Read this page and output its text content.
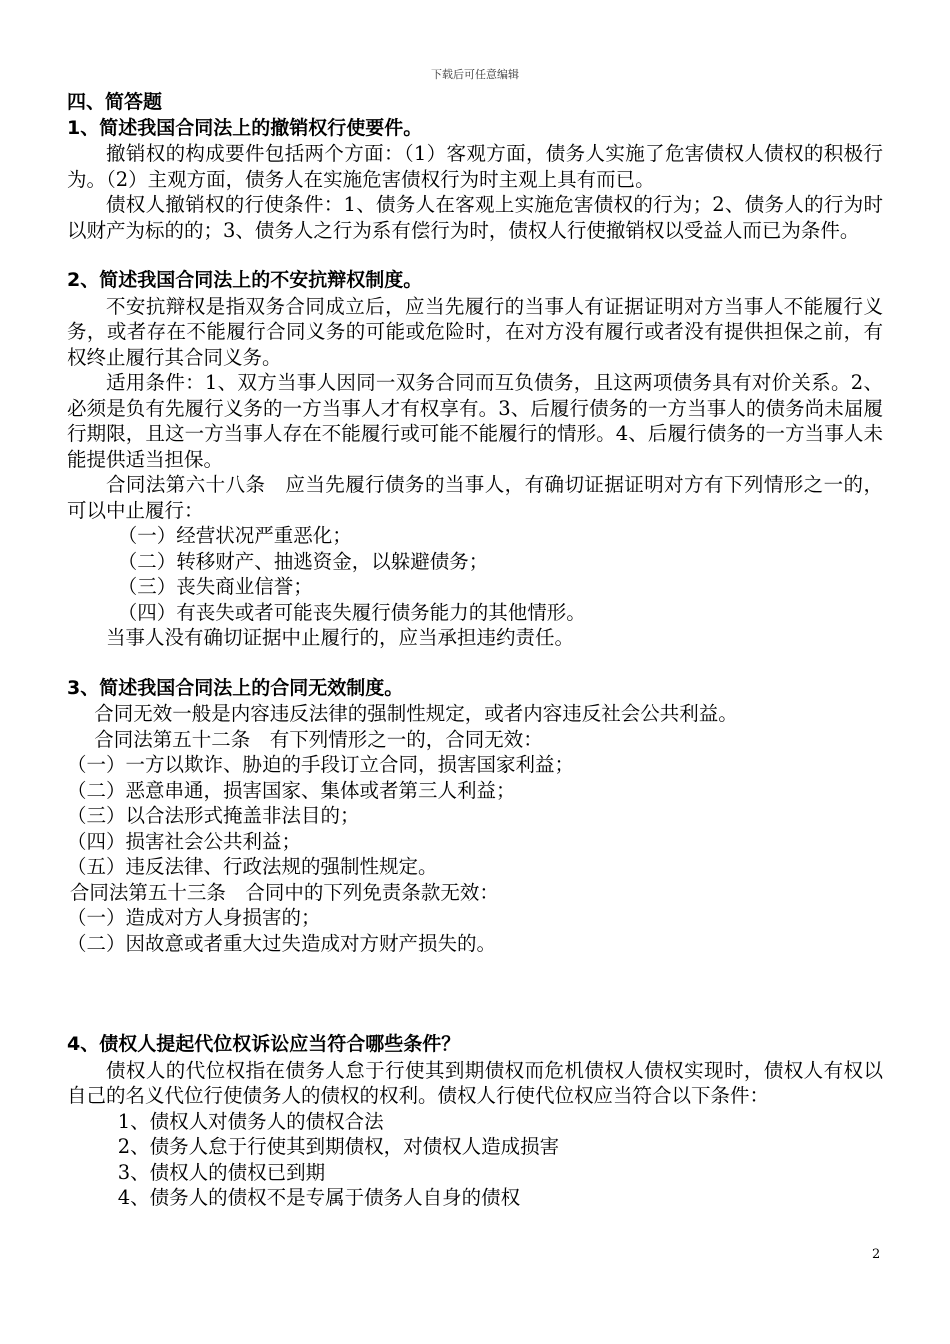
下载后可任意编辑

四、简答题

1、简述我国合同法上的撤销权行使要件。

撤销权的构成要件包括两个方面：（1）客观方面，债务人实施了危害债权人债权的积极行为。（2）主观方面，债务人在实施危害债权行为时主观上具有而已。

债权人撤销权的行使条件：1、债务人在客观上实施危害债权的行为；2、债务人的行为时以财产为标的的；3、债务人之行为系有偿行为时，债权人行使撤销权以受益人而已为条件。

2、简述我国合同法上的不安抗辩权制度。

不安抗辩权是指双务合同成立后，应当先履行的当事人有证据证明对方当事人不能履行义务，或者存在不能履行合同义务的可能或危险时，在对方没有履行或者没有提供担保之前，有权终止履行其合同义务。

适用条件：1、双方当事人因同一双务合同而互负债务，且这两项债务具有对价关系。2、必须是负有先履行义务的一方当事人才有权享有。3、后履行债务的一方当事人的债务尚未届履行期限，且这一方当事人存在不能履行或可能不能履行的情形。4、后履行债务的一方当事人未能提供适当担保。

合同法第六十八条　应当先履行债务的当事人，有确切证据证明对方有下列情形之一的，可以中止履行：

（一）经营状况严重恶化；

（二）转移财产、抽逃资金，以躲避债务；

（三）丧失商业信誉；

（四）有丧失或者可能丧失履行债务能力的其他情形。

当事人没有确切证据中止履行的，应当承担违约责任。

3、简述我国合同法上的合同无效制度。

合同无效一般是内容违反法律的强制性规定，或者内容违反社会公共利益。

合同法第五十二条　有下列情形之一的，合同无效：

（一）一方以欺诈、胁迫的手段订立合同，损害国家利益；

（二）恶意串通，损害国家、集体或者第三人利益；

（三）以合法形式掩盖非法目的；

（四）损害社会公共利益；

（五）违反法律、行政法规的强制性规定。

合同法第五十三条　合同中的下列免责条款无效：

（一）造成对方人身损害的；

（二）因故意或者重大过失造成对方财产损失的。

4、债权人提起代位权诉讼应当符合哪些条件？

债权人的代位权指在债务人怠于行使其到期债权而危机债权人债权实现时，债权人有权以自己的名义代位行使债务人的债权的权利。债权人行使代位权应当符合以下条件：

1、债权人对债务人的债权合法

2、债务人怠于行使其到期债权，对债权人造成损害

3、债权人的债权已到期

4、债务人的债权不是专属于债务人自身的债权

2
